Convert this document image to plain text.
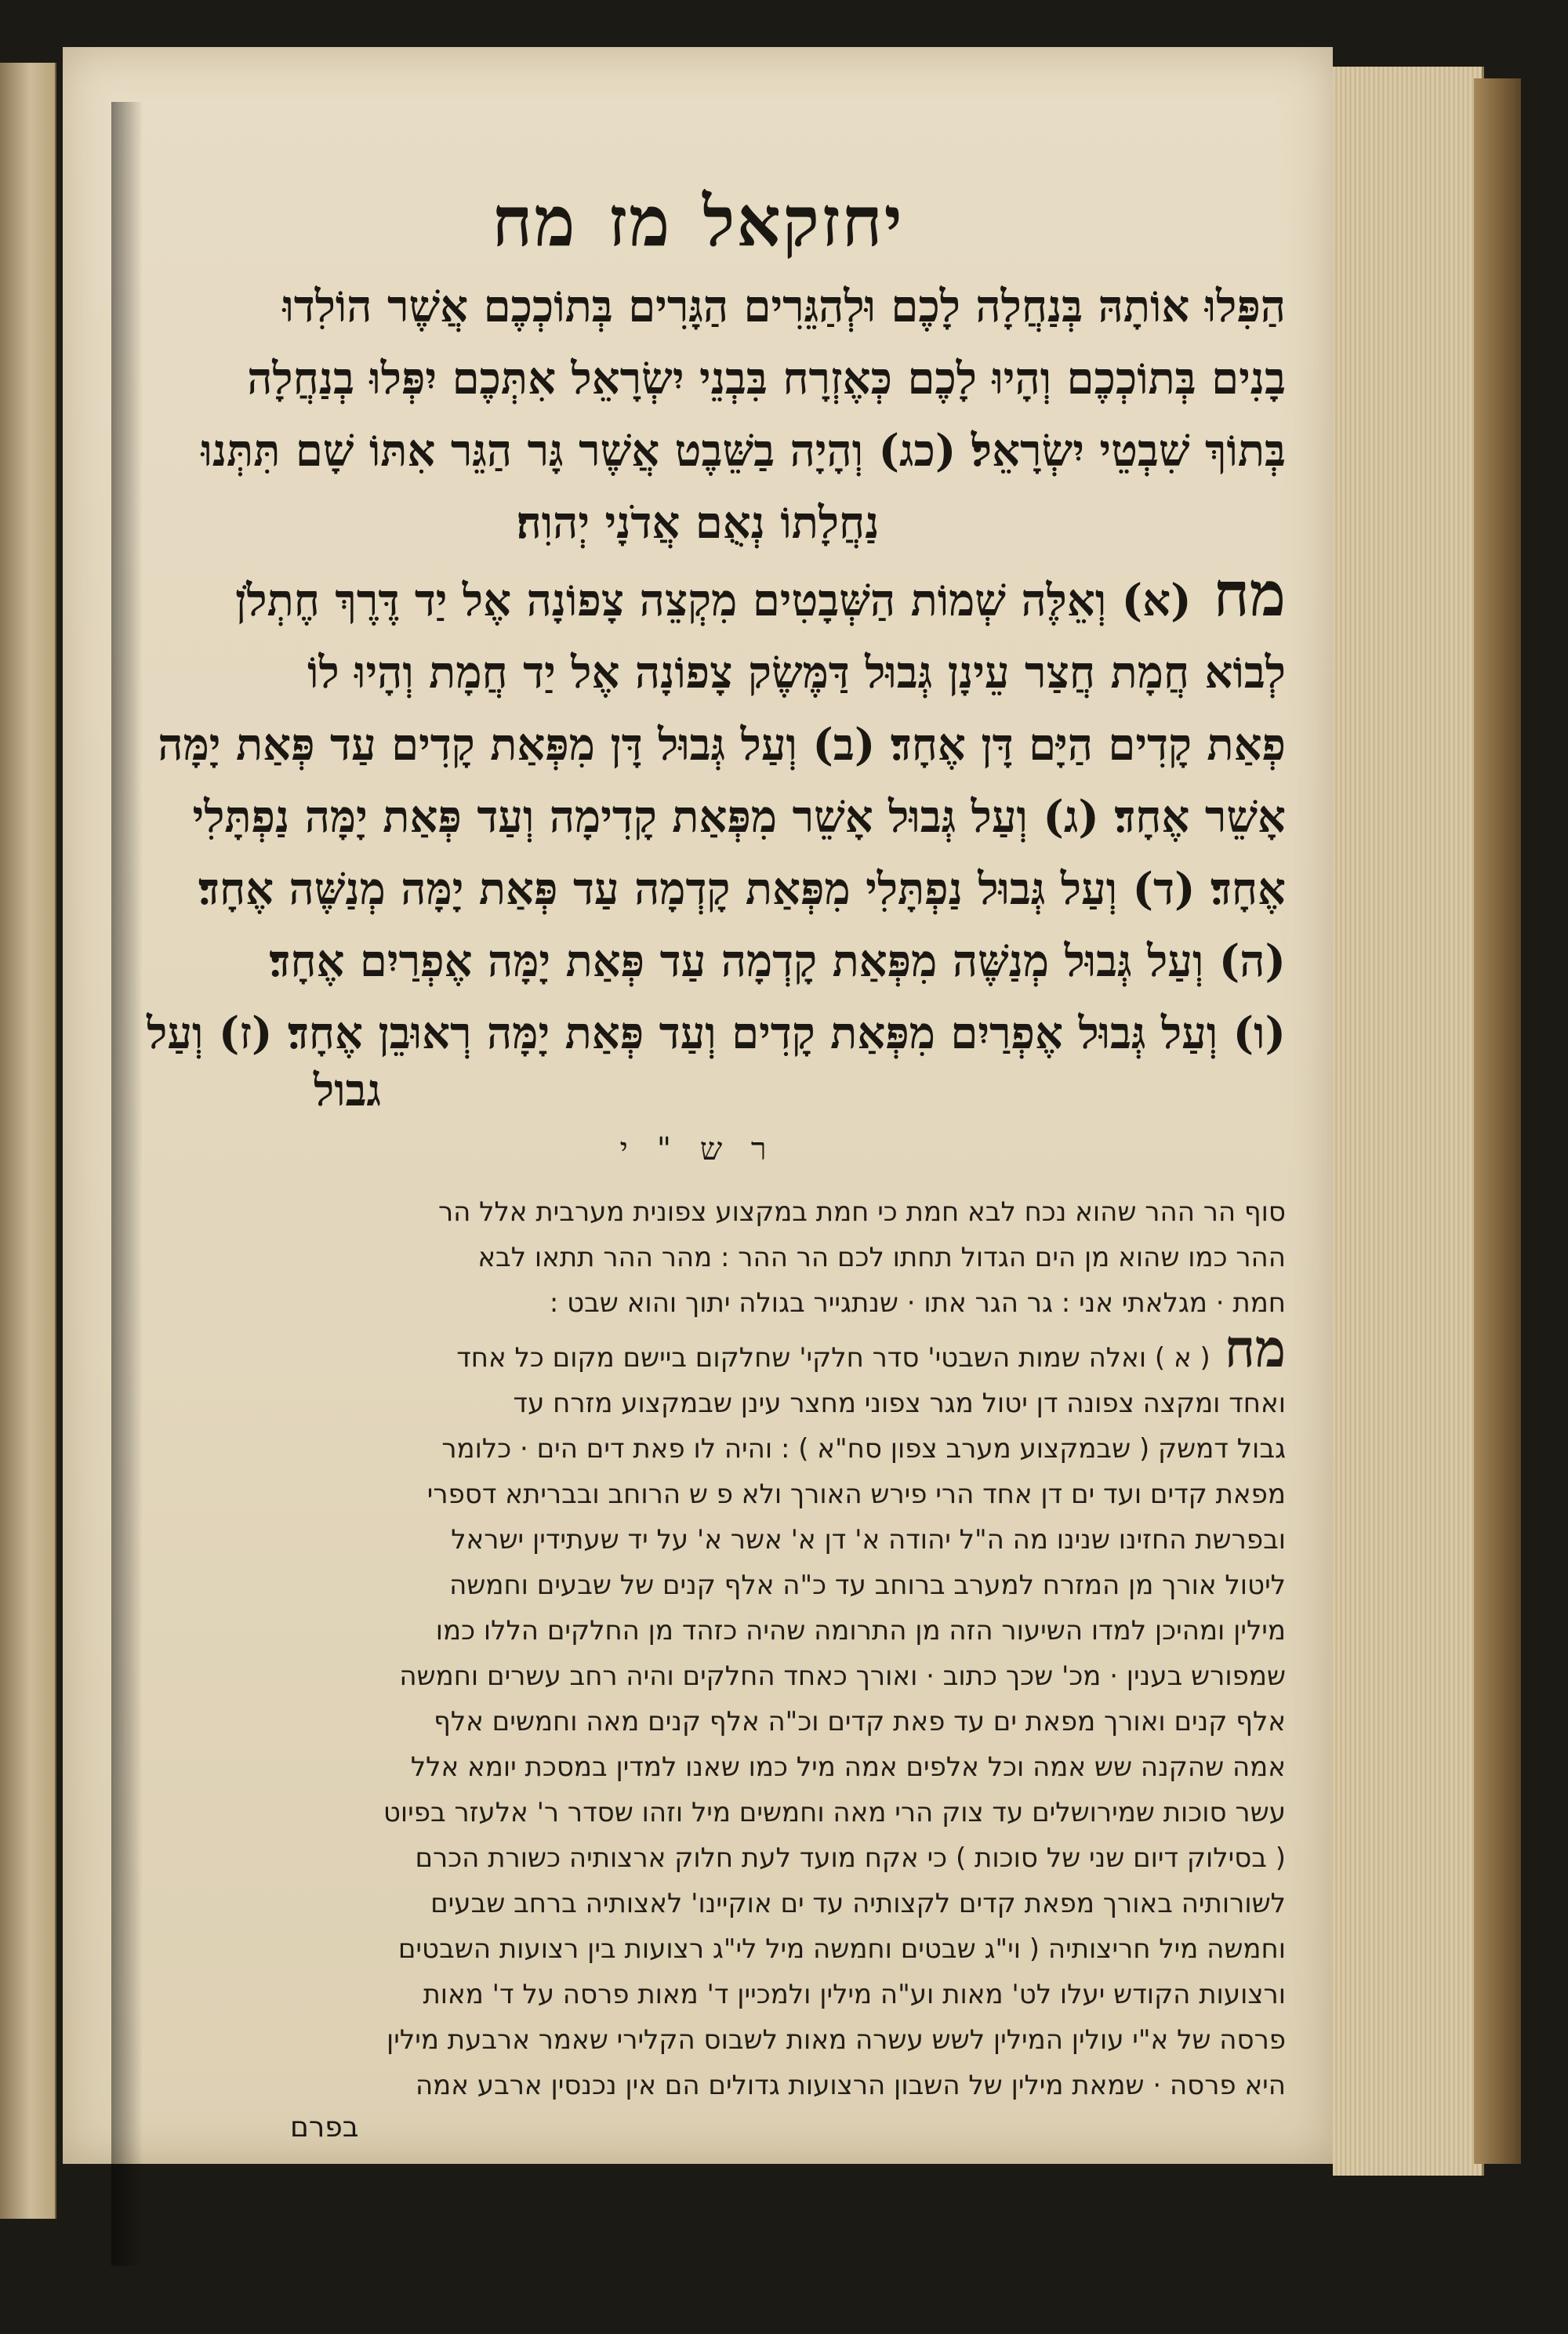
יחזקאל
מז
מח
הַפִּלוּ אוֹתָהּ בְּנַחֲלָה לָכֶם וּלְהַגֵּרִים הַגָּרִים בְּתוֹכְכֶם אֲשֶׁר הוֹלִדוּ
בָנִים בְּתוֹכְכֶם וְהָיוּ לָכֶם כְּאֶזְרָח בִּבְנֵי יִשְׂרָאֵל אִתְּכֶם יִפְּלוּ בְנַחֲלָה
בְּתוֹךְ שִׁבְטֵי יִשְׂרָאֵל׃ (כג) וְהָיָה בַשֵּׁבֶט אֲשֶׁר גָּר הַגֵּר אִתּוֹ שָׁם תִּתְּנוּ
נַחֲלָתוֹ נְאֻם אֲדֹנָי יְהוִה׃
מח(א) וְאֵלֶּה שְׁמוֹת הַשְּׁבָטִים מִקְצֵה צָפוֹנָה אֶל יַד דֶּרֶךְ חֶתְלֹן
לְבוֹא חֲמָת חֲצַר עֵינָן גְּבוּל דַּמֶּשֶׂק צָפוֹנָה אֶל יַד חֲמָת וְהָיוּ לוֹ
פְאַת קָדִים הַיָּם דָּן אֶחָד׃ (ב) וְעַל גְּבוּל דָּן מִפְּאַת קָדִים עַד פְּאַת יָמָּה
אָשֵׁר אֶחָד׃ (ג) וְעַל גְּבוּל אָשֵׁר מִפְּאַת קָדִימָה וְעַד פְּאַת יָמָּה נַפְתָּלִי
אֶחָד׃ (ד) וְעַל גְּבוּל נַפְתָּלִי מִפְּאַת קָדְמָה עַד פְּאַת יָמָּה מְנַשֶּׁה אֶחָד׃
(ה) וְעַל גְּבוּל מְנַשֶּׁה מִפְּאַת קָדְמָה עַד פְּאַת יָמָּה אֶפְרַיִם אֶחָד׃
(ו) וְעַל גְּבוּל אֶפְרַיִם מִפְּאַת קָדִים וְעַד פְּאַת יָמָּה רְאוּבֵן אֶחָד׃ (ז) וְעַל
גבול
ר ש " י
סוף הר ההר שהוא נכח לבא חמת כי חמת במקצוע צפונית מערבית אלל הר
ההר כמו שהוא מן הים הגדול תחתו לכם הר ההר : מהר ההר תתאו לבא
חמת · מגלאתי אני : גר הגר אתו · שנתגייר בגולה יתוך והוא שבט :
מח( א ) ואלה שמות השבטי' סדר חלקי' שחלקום ביישם מקום כל אחד
ואחד ומקצה צפונה דן יטול מגר צפוני מחצר עינן שבמקצוע מזרח עד
גבול דמשק ( שבמקצוע מערב צפון סח"א ) : והיה לו פאת דים הים · כלומר
מפאת קדים ועד ים דן אחד הרי פירש האורך ולא פ ש הרוחב ובבריתא דספרי
ובפרשת החזינו שנינו מה ה"ל יהודה א' דן א' אשר א' על יד שעתידין ישראל
ליטול אורך מן המזרח למערב ברוחב עד כ"ה אלף קנים של שבעים וחמשה
מילין ומהיכן למדו השיעור הזה מן התרומה שהיה כזהד מן החלקים הללו כמו
שמפורש בענין · מכ' שכך כתוב · ואורך כאחד החלקים והיה רחב עשרים וחמשה
אלף קנים ואורך מפאת ים עד פאת קדים וכ"ה אלף קנים מאה וחמשים אלף
אמה שהקנה שש אמה וכל אלפים אמה מיל כמו שאנו למדין במסכת יומא אלל
עשר סוכות שמירושלים עד צוק הרי מאה וחמשים מיל וזהו שסדר ר' אלעזר בפיוט
( בסילוק דיום שני של סוכות ) כי אקח מועד לעת חלוק ארצותיה כשורת הכרם
לשורותיה באורך מפאת קדים לקצותיה עד ים אוקיינו' לאצותיה ברחב שבעים
וחמשה מיל חריצותיה ( וי"ג שבטים וחמשה מיל לי"ג רצועות בין רצועות השבטים
ורצועות הקודש יעלו לט' מאות וע"ה מילין ולמכיין ד' מאות פרסה על ד' מאות
פרסה של א"י עולין המילין לשש עשרה מאות לשבוס הקלירי שאמר ארבעת מילין
היא פרסה · שמאת מילין של השבון הרצועות גדולים הם אין נכנסין ארבע אמה
בפרם
